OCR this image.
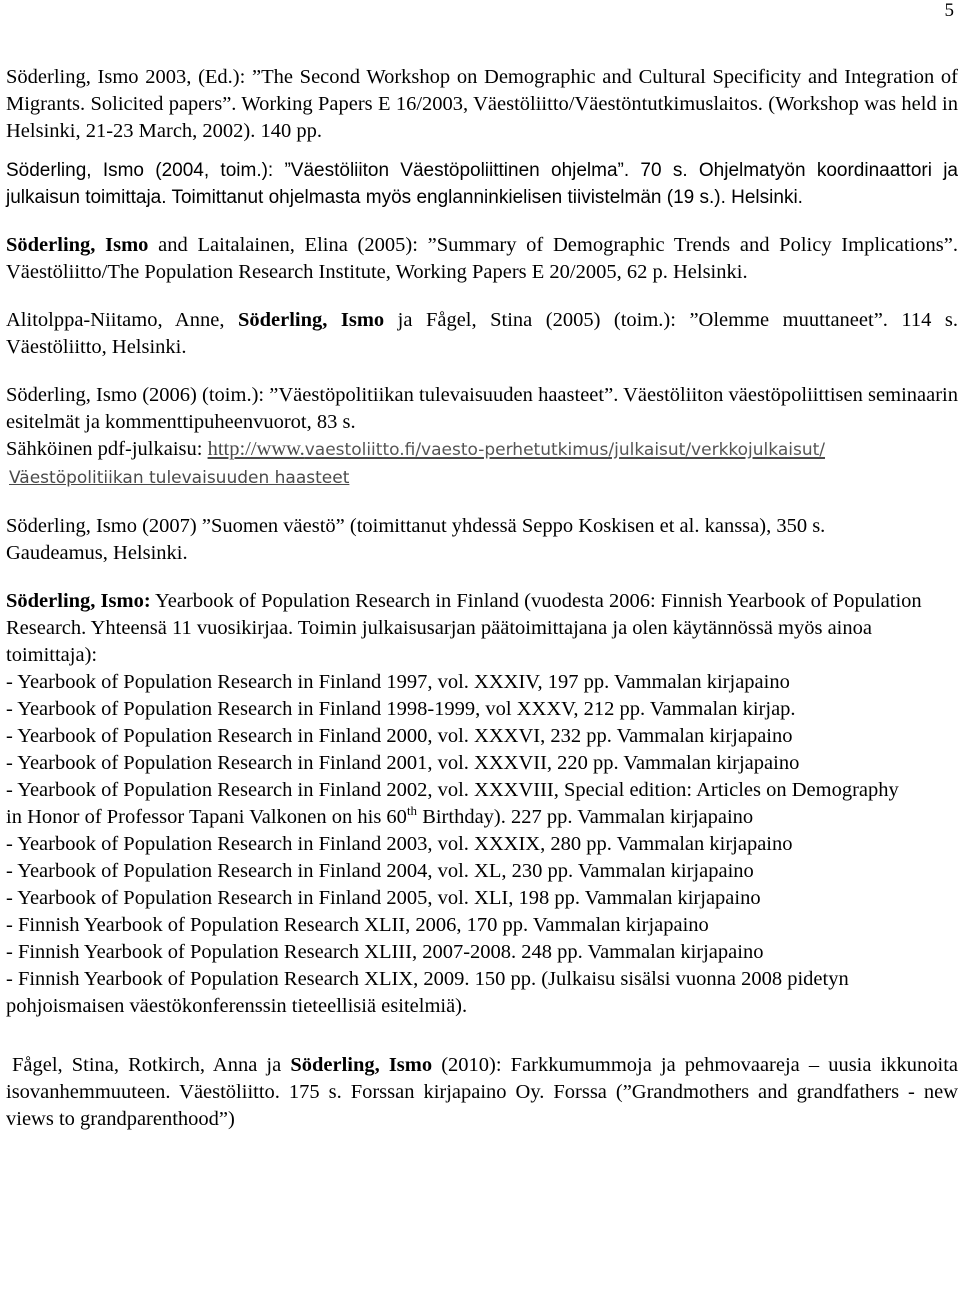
5

Söderling, Ismo 2003, (Ed.): ”The Second Workshop on Demographic and Cultural Specificity and Integration of Migrants. Solicited papers”. Working Papers E 16/2003, Väestöliitto/Väestöntutkimuslaitos. (Workshop was held in Helsinki, 21-23 March, 2002). 140 pp.

Söderling, Ismo (2004, toim.): ”Väestöliiton Väestöpoliittinen ohjelma”. 70 s. Ohjelmatyön koordinaattori ja julkaisun toimittaja. Toimittanut ohjelmasta myös englanninkielisen tiivistelmän (19 s.). Helsinki.

Söderling, Ismo and Laitalainen, Elina (2005): ”Summary of Demographic Trends and Policy Implications”. Väestöliitto/The Population Research Institute, Working Papers E 20/2005, 62 p. Helsinki.

Alitolppa-Niitamo, Anne, Söderling, Ismo ja Fågel, Stina (2005) (toim.): ”Olemme muuttaneet”. 114 s. Väestöliitto, Helsinki.

Söderling, Ismo (2006) (toim.): ”Väestöpolitiikan tulevaisuuden haasteet”. Väestöliiton väestöpoliittisen seminaarin esitelmät ja kommenttipuheenvuorot, 83 s.

Sähköinen pdf-julkaisu: http://www.vaestoliitto.fi/vaesto-perhetutkimus/julkaisut/verkkojulkaisut/

Väestöpolitiikan tulevaisuuden haasteet

Söderling, Ismo (2007) ”Suomen väestö” (toimittanut yhdessä Seppo Koskisen et al. kanssa), 350 s. Gaudeamus, Helsinki.

Söderling, Ismo: Yearbook of Population Research in Finland (vuodesta 2006: Finnish Yearbook of Population Research. Yhteensä 11 vuosikirjaa. Toimin julkaisusarjan päätoimittajana ja olen käytännössä myös ainoa toimittaja):

- Yearbook of Population Research in Finland 1997, vol. XXXIV, 197 pp. Vammalan kirjapaino

- Yearbook of Population Research in Finland 1998-1999, vol XXXV, 212 pp. Vammalan kirjap.

- Yearbook of Population Research in Finland 2000, vol. XXXVI, 232 pp. Vammalan kirjapaino

- Yearbook of Population Research in Finland 2001, vol. XXXVII, 220 pp. Vammalan kirjapaino

- Yearbook of Population Research in Finland 2002, vol. XXXVIII, Special edition: Articles on Demography in Honor of Professor Tapani Valkonen on his 60th Birthday). 227 pp. Vammalan kirjapaino

- Yearbook of Population Research in Finland 2003, vol. XXXIX, 280 pp. Vammalan kirjapaino

- Yearbook of Population Research in Finland 2004, vol. XL, 230 pp. Vammalan kirjapaino

- Yearbook of Population Research in Finland 2005, vol. XLI, 198 pp. Vammalan kirjapaino

- Finnish Yearbook of Population Research XLII, 2006, 170 pp. Vammalan kirjapaino

- Finnish Yearbook of Population Research XLIII, 2007-2008. 248 pp. Vammalan kirjapaino

- Finnish Yearbook of Population Research XLIX, 2009. 150 pp. (Julkaisu sisälsi vuonna 2008 pidetyn pohjoismaisen väestökonferenssin tieteellisiä esitelmiä).

Fågel, Stina, Rotkirch, Anna ja Söderling, Ismo (2010): Farkkumummoja ja pehmovaareja – uusia ikkunoita isovanhemmuuteen. Väestöliitto. 175 s. Forssan kirjapaino Oy. Forssa (”Grandmothers and grandfathers - new views to grandparenthood”)
